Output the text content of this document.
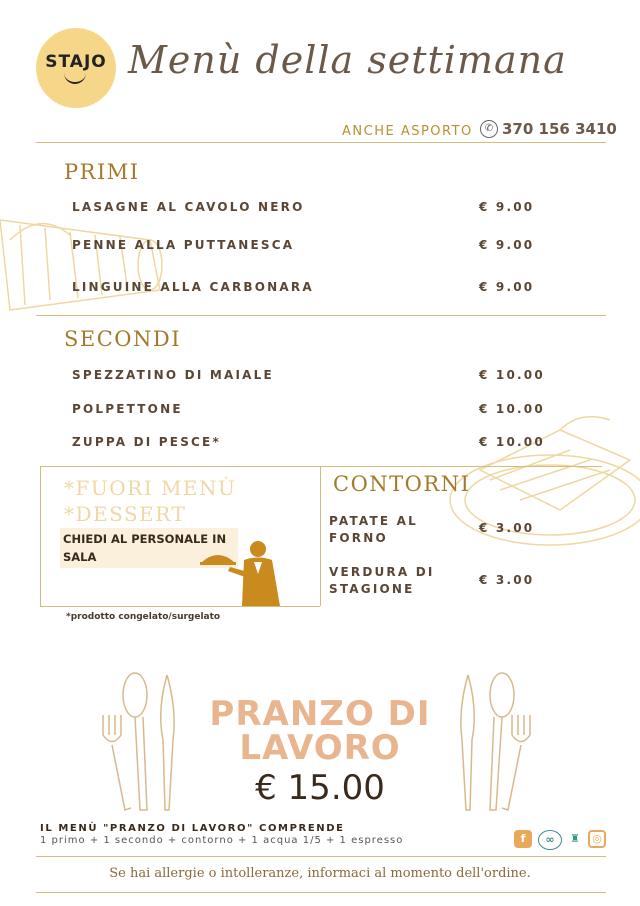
STAJO Menù della settimana
ANCHE ASPORTO	✆ 370 156 3410
PRIMI
LASAGNE AL CAVOLO NERO	€ 9.00
PENNE ALLA PUTTANESCA	€ 9.00
LINGUINE ALLA CARBONARA	€ 9.00
SECONDI
SPEZZATINO DI MAIALE	€ 10.00
POLPETTONE	€ 10.00
ZUPPA DI PESCE*	€ 10.00
*FUORI MENÙ
*DESSERT
CHIEDI AL PERSONALE IN SALA
*prodotto congelato/surgelato
CONTORNI
PATATE AL
FORNO
€ 3.00
VERDURA DI
STAGIONE
€ 3.00
PRANZO DI
LAVORO
€ 15.00
IL MENÙ "PRANZO DI LAVORO" COMPRENDE
1 primo + 1 secondo + contorno + 1 acqua 1/5 + 1 espresso	f	∞	♜	◎
Se hai allergie o intolleranze, informaci al momento dell'ordine.
